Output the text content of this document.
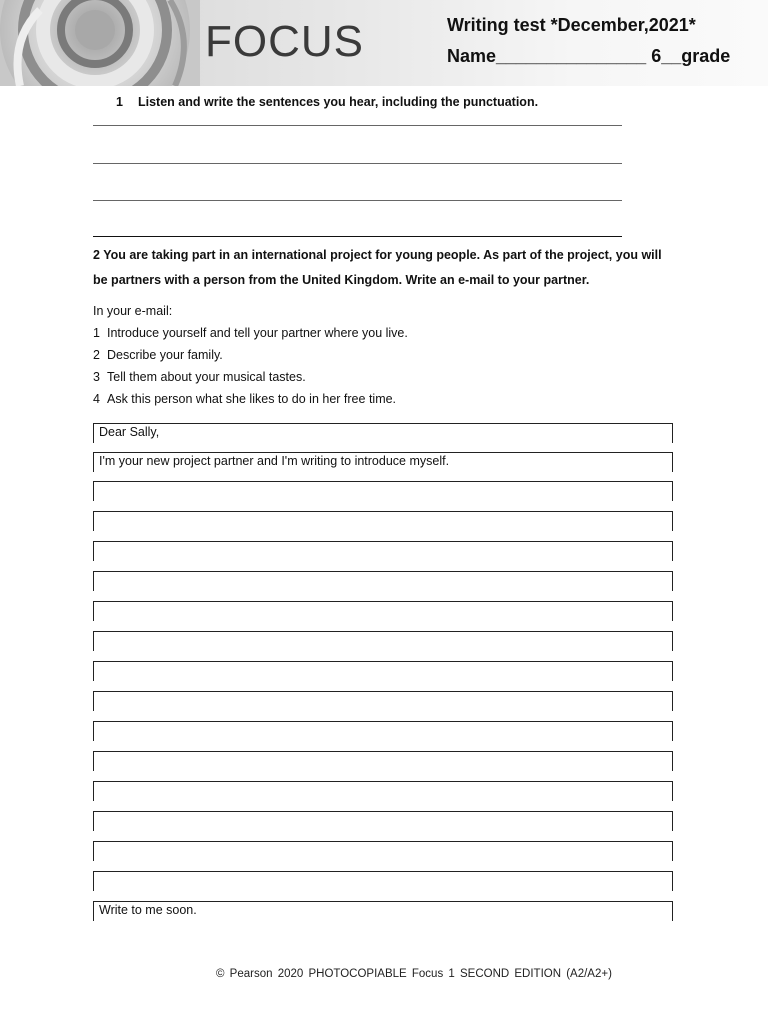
FOCUS	Writing test *December,2021*
Name_______________ 6__grade
1 Listen and write the sentences you hear, including the punctuation.
2 You are taking part in an international project for young people. As part of the project, you will be partners with a person from the United Kingdom. Write an e-mail to your partner.
In your e-mail:
1 Introduce yourself and tell your partner where you live.
2 Describe your family.
3 Tell them about your musical tastes.
4 Ask this person what she likes to do in her free time.
Dear Sally,
I'm your new project partner and I'm writing to introduce myself.
Write to me soon.
© Pearson 2020 PHOTOCOPIABLE Focus 1 SECOND EDITION (A2/A2+)
